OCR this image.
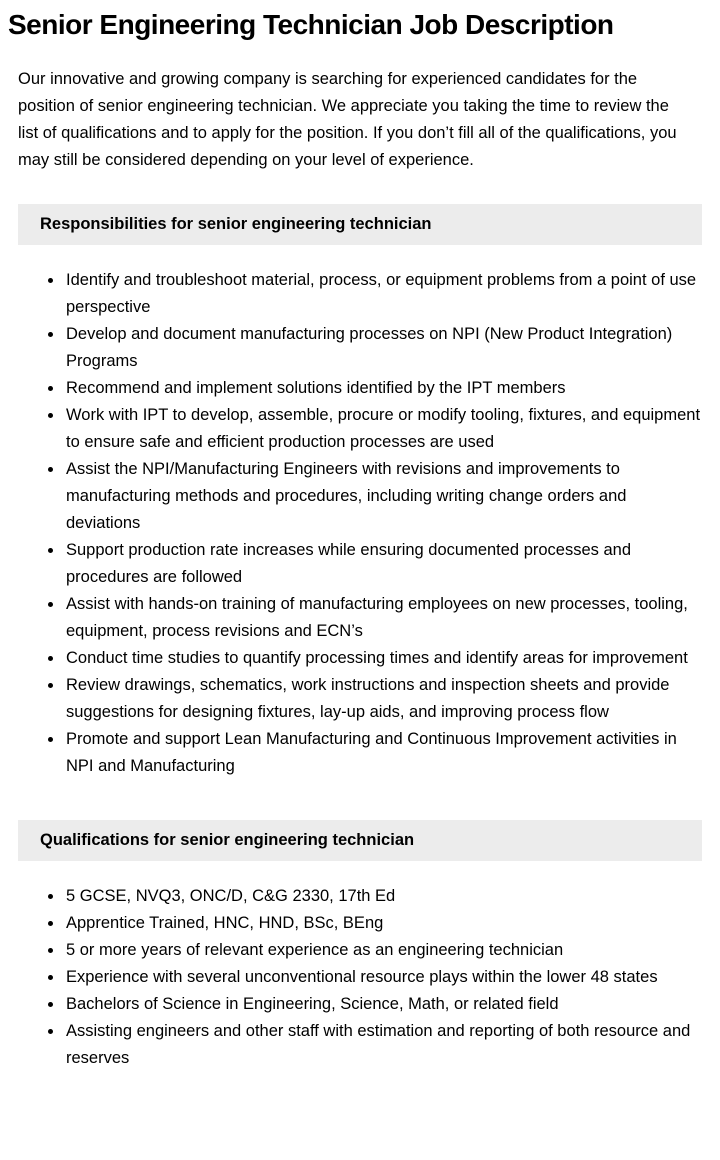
Senior Engineering Technician Job Description

Our innovative and growing company is searching for experienced candidates for the position of senior engineering technician. We appreciate you taking the time to review the list of qualifications and to apply for the position. If you don’t fill all of the qualifications, you may still be considered depending on your level of experience.

Responsibilities for senior engineering technician
• Identify and troubleshoot material, process, or equipment problems from a point of use perspective
• Develop and document manufacturing processes on NPI (New Product Integration) Programs
• Recommend and implement solutions identified by the IPT members
• Work with IPT to develop, assemble, procure or modify tooling, fixtures, and equipment to ensure safe and efficient production processes are used
• Assist the NPI/Manufacturing Engineers with revisions and improvements to manufacturing methods and procedures, including writing change orders and deviations
• Support production rate increases while ensuring documented processes and procedures are followed
• Assist with hands-on training of manufacturing employees on new processes, tooling, equipment, process revisions and ECN’s
• Conduct time studies to quantify processing times and identify areas for improvement
• Review drawings, schematics, work instructions and inspection sheets and provide suggestions for designing fixtures, lay-up aids, and improving process flow
• Promote and support Lean Manufacturing and Continuous Improvement activities in NPI and Manufacturing
Qualifications for senior engineering technician
• 5 GCSE, NVQ3, ONC/D, C&G 2330, 17th Ed
• Apprentice Trained, HNC, HND, BSc, BEng
• 5 or more years of relevant experience as an engineering technician
• Experience with several unconventional resource plays within the lower 48 states
• Bachelors of Science in Engineering, Science, Math, or related field
• Assisting engineers and other staff with estimation and reporting of both resource and reserves
